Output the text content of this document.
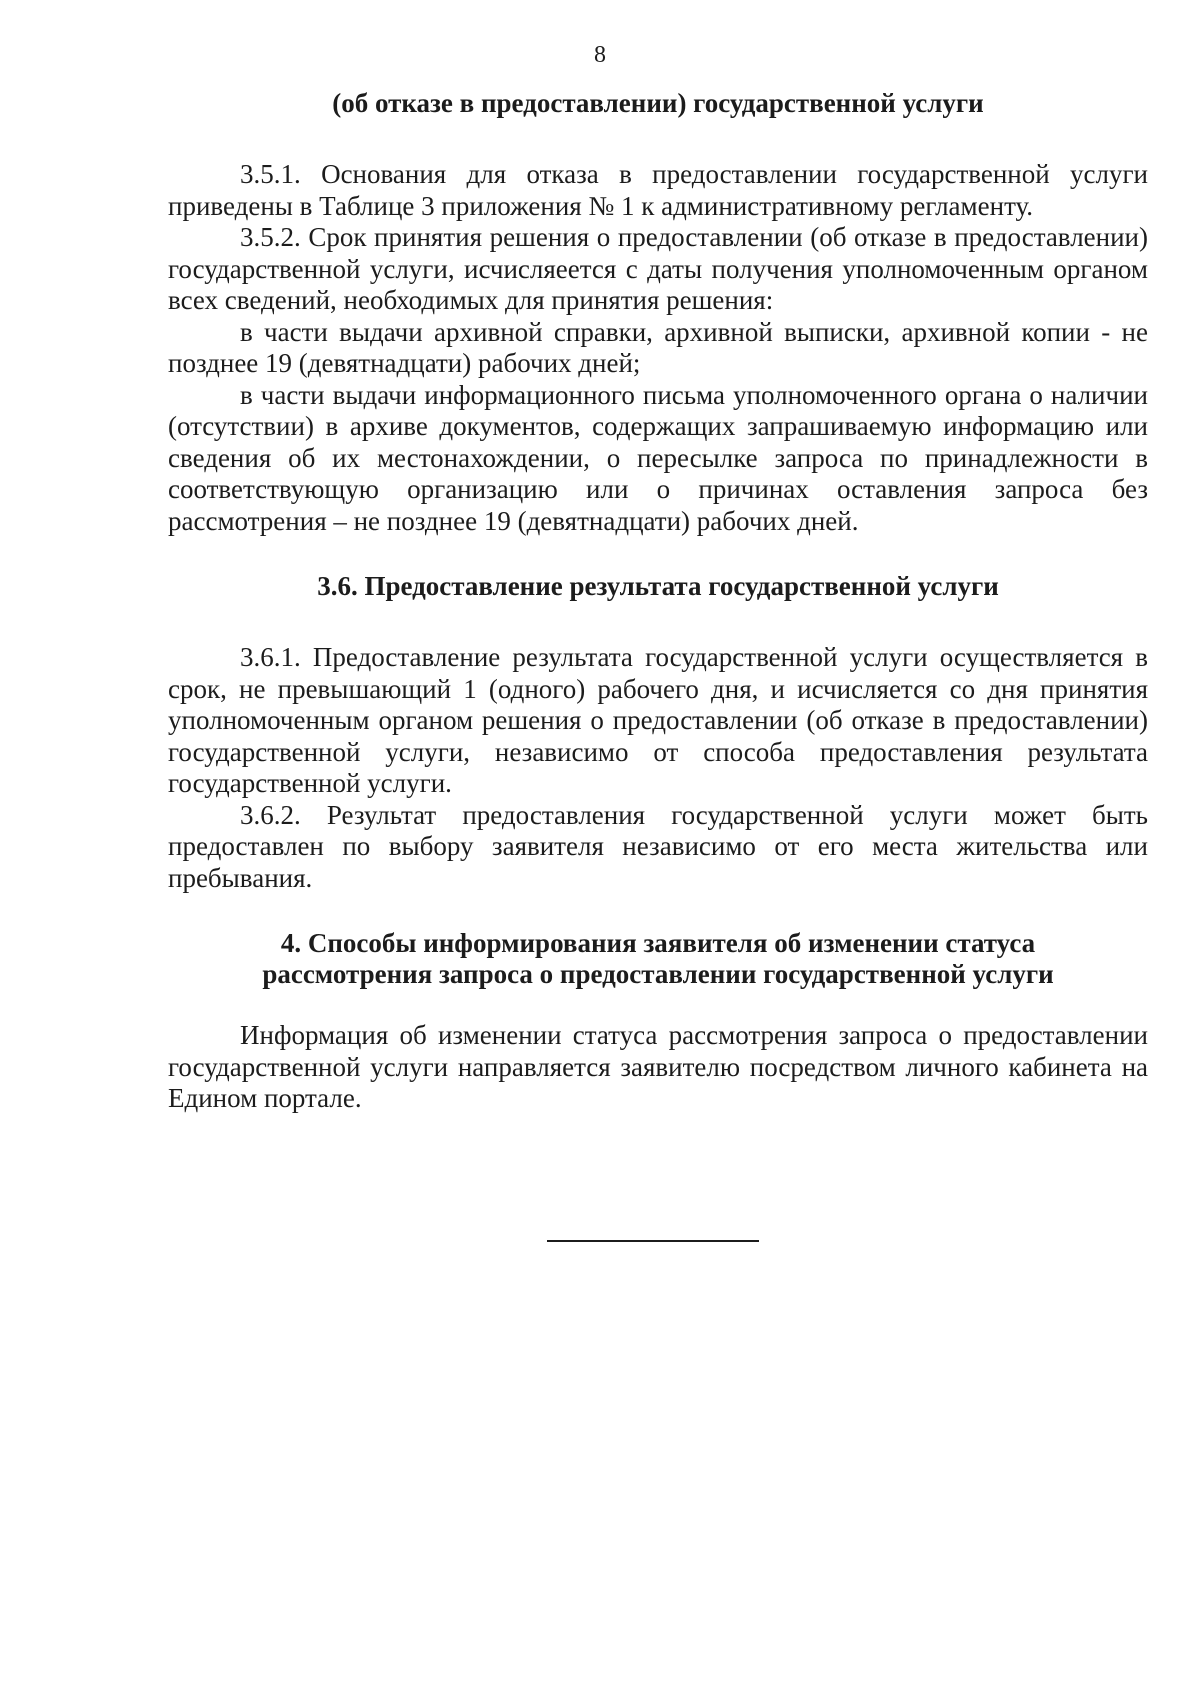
8

(об отказе в предоставлении) государственной услуги

3.5.1. Основания для отказа в предоставлении государственной услуги приведены в Таблице 3 приложения № 1 к административному регламенту.

3.5.2. Срок принятия решения о предоставлении (об отказе в предоставлении) государственной услуги, исчисляеется с даты получения уполномоченным органом всех сведений, необходимых для принятия решения:

в части выдачи архивной справки, архивной выписки, архивной копии - не позднее 19 (девятнадцати) рабочих дней;

в части выдачи информационного письма уполномоченного органа о наличии (отсутствии) в архиве документов, содержащих запрашиваемую информацию или сведения об их местонахождении, о пересылке запроса по принадлежности в соответствующую организацию или о причинах оставления запроса без рассмотрения – не позднее 19 (девятнадцати) рабочих дней.

3.6. Предоставление результата государственной услуги

3.6.1. Предоставление результата государственной услуги осуществляется в срок, не превышающий 1 (одного) рабочего дня, и исчисляется со дня принятия уполномоченным органом решения о предоставлении (об отказе в предоставлении) государственной услуги, независимо от способа предоставления результата государственной услуги.

3.6.2. Результат предоставления государственной услуги может быть предоставлен по выбору заявителя независимо от его места жительства или пребывания.

4. Способы информирования заявителя об изменении статуса

рассмотрения запроса о предоставлении государственной услуги

Информация об изменении статуса рассмотрения запроса о предоставлении государственной услуги направляется заявителю посредством личного кабинета на Едином портале.
